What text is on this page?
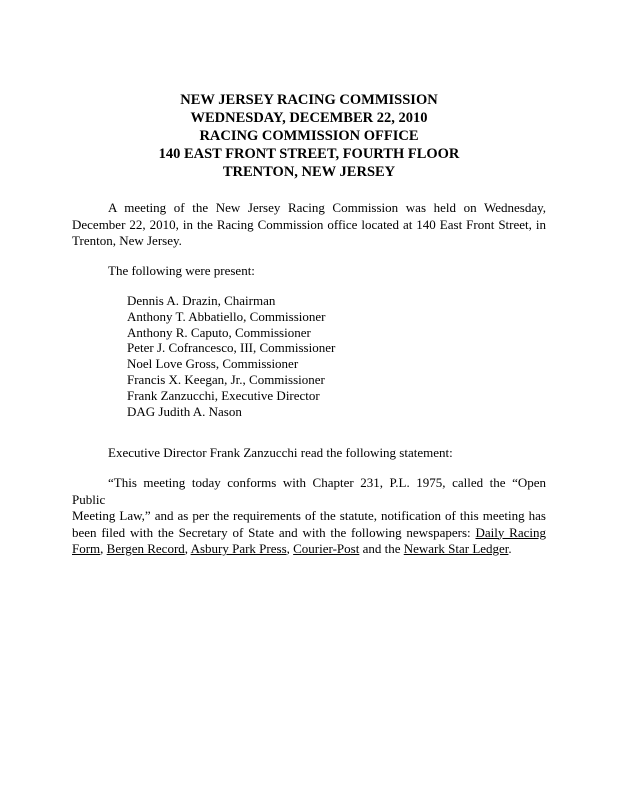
NEW JERSEY RACING COMMISSION
WEDNESDAY, DECEMBER 22, 2010
RACING COMMISSION OFFICE
140 EAST FRONT STREET, FOURTH FLOOR
TRENTON, NEW JERSEY
A meeting of the New Jersey Racing Commission was held on Wednesday,
December 22, 2010, in the Racing Commission office located at 140 East Front Street, in
Trenton, New Jersey.
The following were present:
Dennis A. Drazin, Chairman
Anthony T. Abbatiello, Commissioner
Anthony R. Caputo, Commissioner
Peter J. Cofrancesco, III, Commissioner
Noel Love Gross, Commissioner
Francis X. Keegan, Jr., Commissioner
Frank Zanzucchi, Executive Director
DAG Judith A. Nason
Executive Director Frank Zanzucchi read the following statement:
“This meeting today conforms with Chapter 231, P.L. 1975, called the “Open Public
Meeting Law,” and as per the requirements of the statute, notification of this meeting has
been filed with the Secretary of State and with the following newspapers: Daily Racing
Form, Bergen Record, Asbury Park Press, Courier-Post and the Newark Star Ledger.
